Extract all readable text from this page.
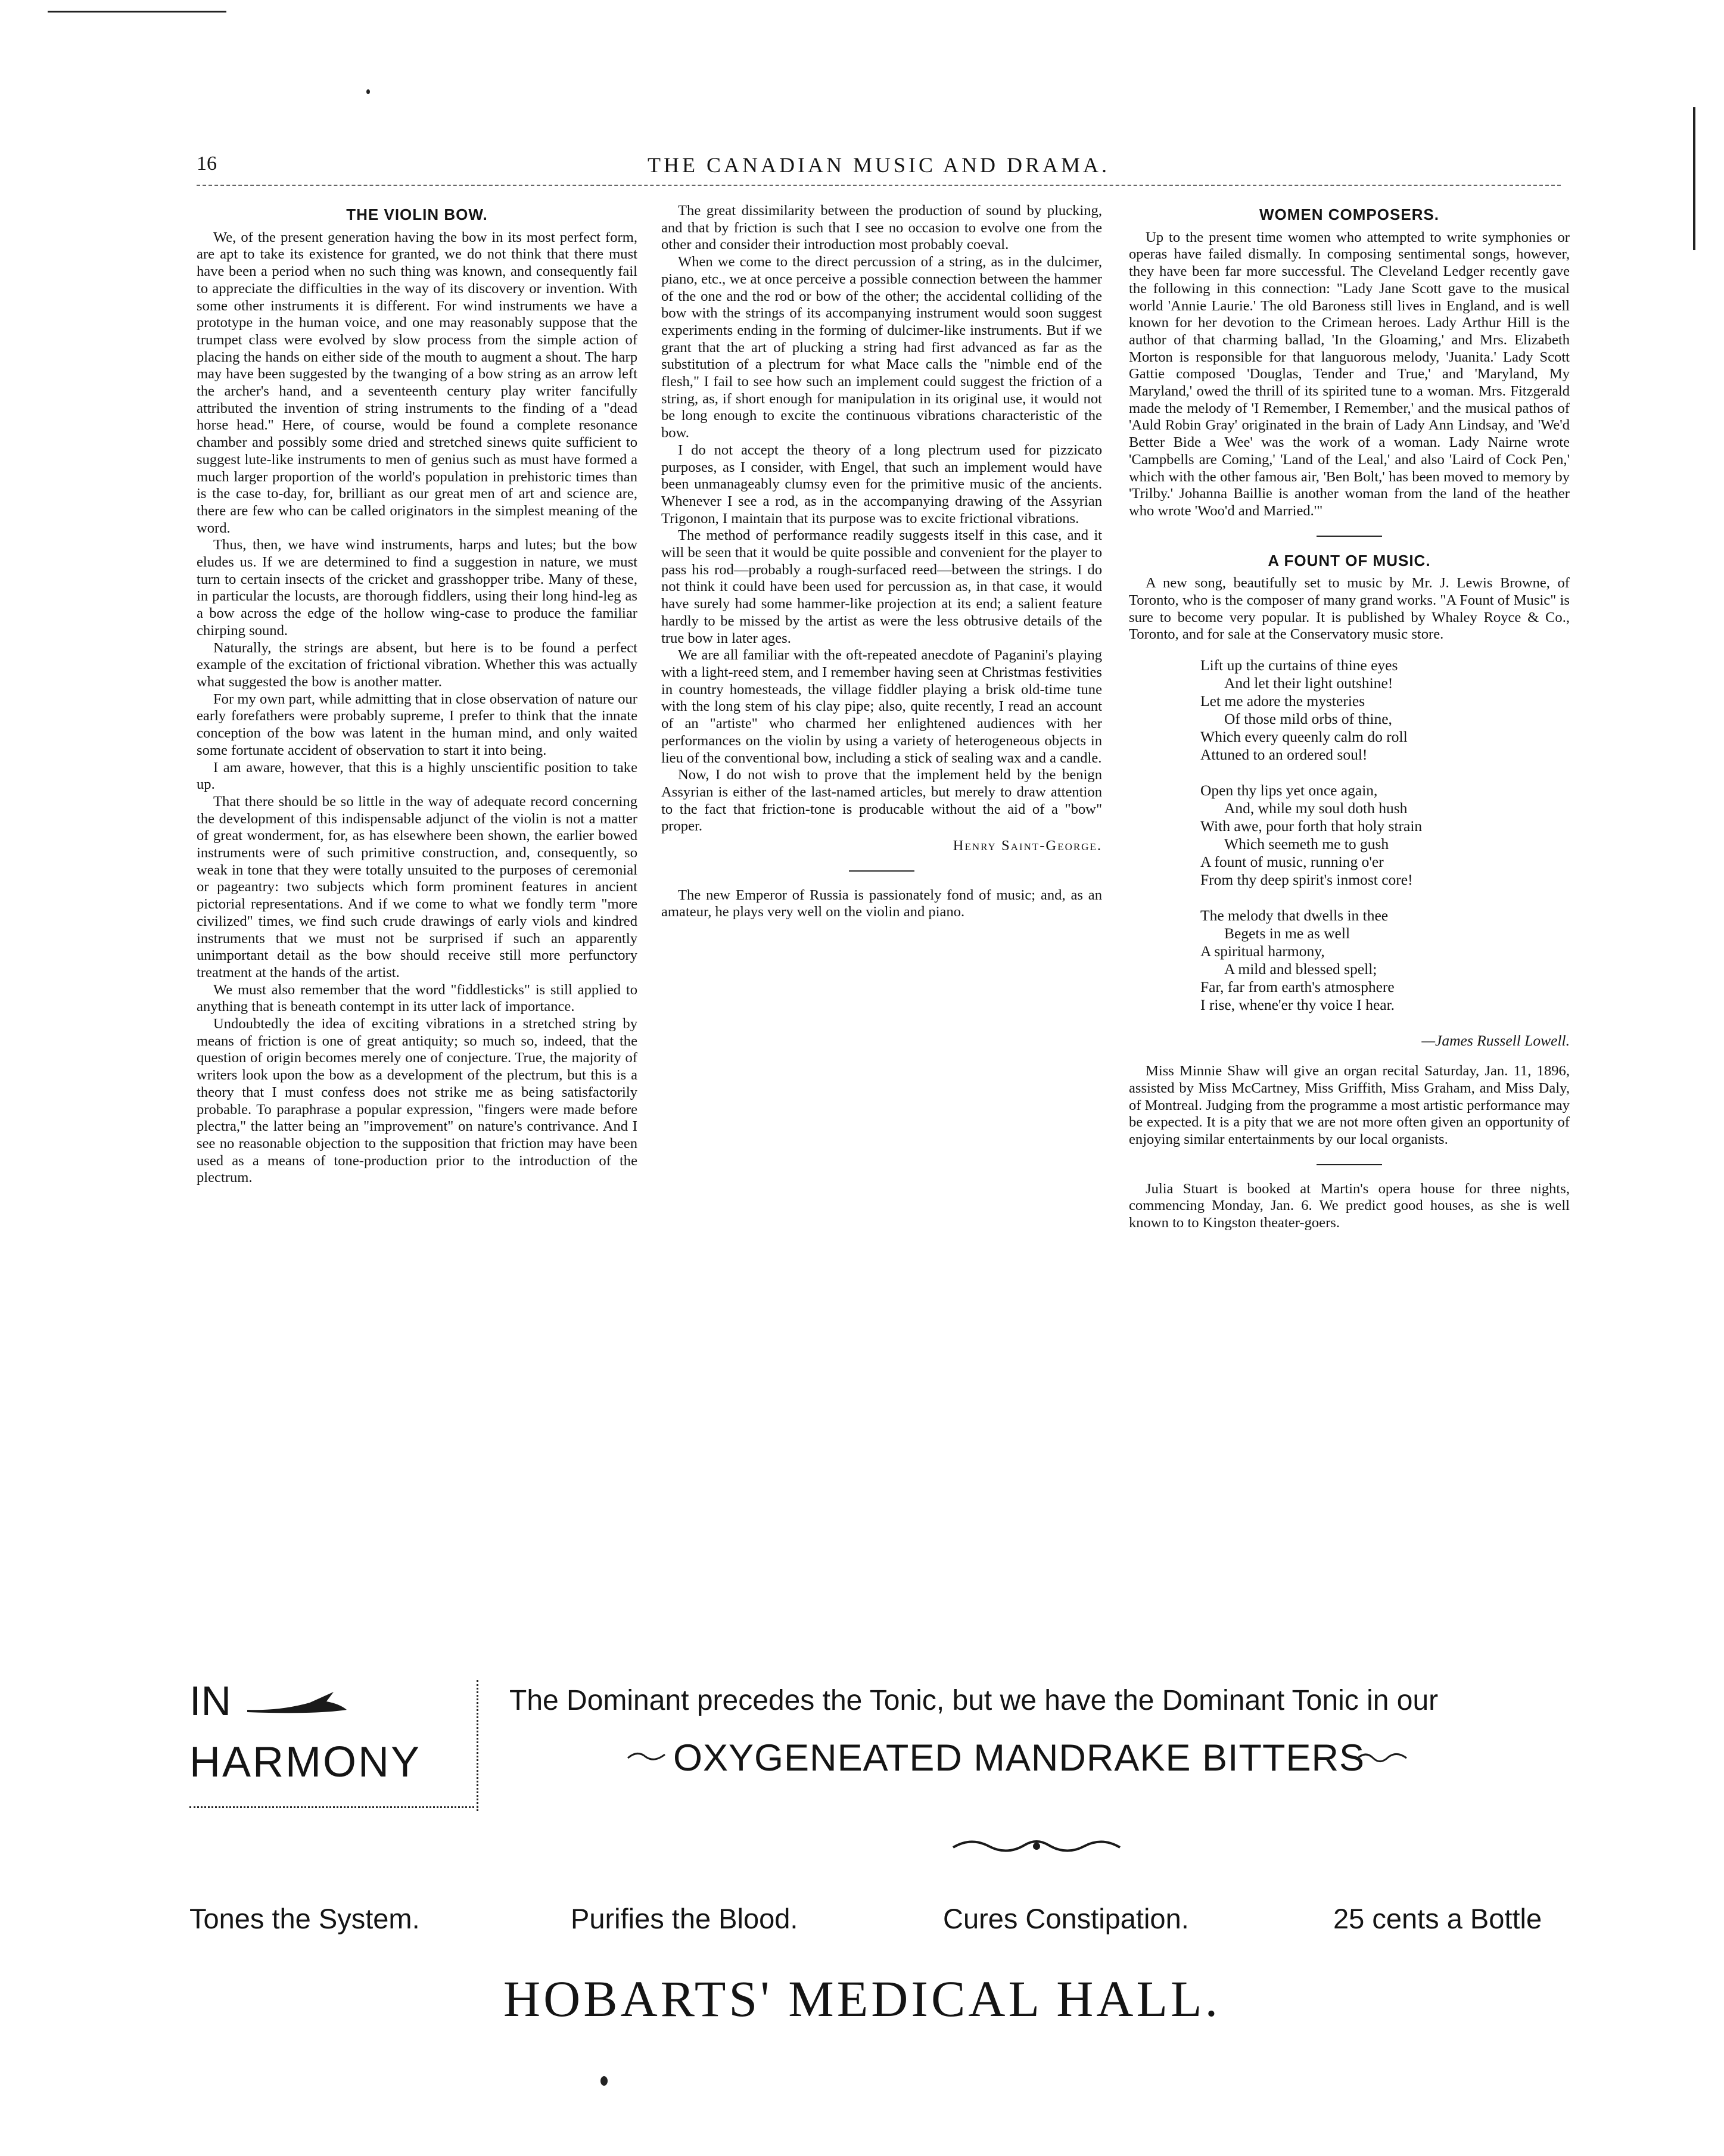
16	THE CANADIAN MUSIC AND DRAMA.
THE VIOLIN BOW.

We, of the present generation having the bow in its most perfect form, are apt to take its existence for granted, we do not think that there must have been a period when no such thing was known, and consequently fail to appreciate the difficulties in the way of its discovery or invention. With some other instruments it is different. For wind instruments we have a prototype in the human voice, and one may reasonably suppose that the trumpet class were evolved by slow process from the simple action of placing the hands on either side of the mouth to augment a shout. The harp may have been suggested by the twanging of a bow string as an arrow left the archer's hand, and a seventeenth century play writer fancifully attributed the invention of string instruments to the finding of a "dead horse head." Here, of course, would be found a complete resonance chamber and possibly some dried and stretched sinews quite sufficient to suggest lute-like instruments to men of genius such as must have formed a much larger proportion of the world's population in prehistoric times than is the case to-day, for, brilliant as our great men of art and science are, there are few who can be called originators in the simplest meaning of the word.

Thus, then, we have wind instruments, harps and lutes; but the bow eludes us. If we are determined to find a suggestion in nature, we must turn to certain insects of the cricket and grasshopper tribe. Many of these, in particular the locusts, are thorough fiddlers, using their long hind-leg as a bow across the edge of the hollow wing-case to produce the familiar chirping sound.

Naturally, the strings are absent, but here is to be found a perfect example of the excitation of frictional vibration. Whether this was actually what suggested the bow is another matter.

For my own part, while admitting that in close observation of nature our early forefathers were probably supreme, I prefer to think that the innate conception of the bow was latent in the human mind, and only waited some fortunate accident of observation to start it into being.

I am aware, however, that this is a highly unscientific position to take up.

That there should be so little in the way of adequate record concerning the development of this indispensable adjunct of the violin is not a matter of great wonderment, for, as has elsewhere been shown, the earlier bowed instruments were of such primitive construction, and, consequently, so weak in tone that they were totally unsuited to the purposes of ceremonial or pageantry: two subjects which form prominent features in ancient pictorial representations. And if we come to what we fondly term "more civilized" times, we find such crude drawings of early viols and kindred instruments that we must not be surprised if such an apparently unimportant detail as the bow should receive still more perfunctory treatment at the hands of the artist.

We must also remember that the word "fiddlesticks" is still applied to anything that is beneath contempt in its utter lack of importance.

Undoubtedly the idea of exciting vibrations in a stretched string by means of friction is one of great antiquity; so much so, indeed, that the question of origin becomes merely one of conjecture. True, the majority of writers look upon the bow as a development of the plectrum, but this is a theory that I must confess does not strike me as being satisfactorily probable. To paraphrase a popular expression, "fingers were made before plectra," the latter being an "improvement" on nature's contrivance. And I see no reasonable objection to the supposition that friction may have been used as a means of tone-production prior to the introduction of the plectrum.

The great dissimilarity between the production of sound by plucking, and that by friction is such that I see no occasion to evolve one from the other and consider their introduction most probably coeval.

When we come to the direct percussion of a string, as in the dulcimer, piano, etc., we at once perceive a possible connection between the hammer of the one and the rod or bow of the other; the accidental colliding of the bow with the strings of its accompanying instrument would soon suggest experiments ending in the forming of dulcimer-like instruments. But if we grant that the art of plucking a string had first advanced as far as the substitution of a plectrum for what Mace calls the "nimble end of the flesh," I fail to see how such an implement could suggest the friction of a string, as, if short enough for manipulation in its original use, it would not be long enough to excite the continuous vibrations characteristic of the bow.

I do not accept the theory of a long plectrum used for pizzicato purposes, as I consider, with Engel, that such an implement would have been unmanageably clumsy even for the primitive music of the ancients. Whenever I see a rod, as in the accompanying drawing of the Assyrian Trigonon, I maintain that its purpose was to excite frictional vibrations.

The method of performance readily suggests itself in this case, and it will be seen that it would be quite possible and convenient for the player to pass his rod—probably a rough-surfaced reed—between the strings. I do not think it could have been used for percussion as, in that case, it would have surely had some hammer-like projection at its end; a salient feature hardly to be missed by the artist as were the less obtrusive details of the true bow in later ages.

We are all familiar with the oft-repeated anecdote of Paganini's playing with a light-reed stem, and I remember having seen at Christmas festivities in country homesteads, the village fiddler playing a brisk old-time tune with the long stem of his clay pipe; also, quite recently, I read an account of an "artiste" who charmed her enlightened audiences with her performances on the violin by using a variety of heterogeneous objects in lieu of the conventional bow, including a stick of sealing wax and a candle.

Now, I do not wish to prove that the implement held by the benign Assyrian is either of the last-named articles, but merely to draw attention to the fact that friction-tone is producable without the aid of a "bow" proper.

Henry Saint-George.

The new Emperor of Russia is passionately fond of music; and, as an amateur, he plays very well on the violin and piano.

WOMEN COMPOSERS.

Up to the present time women who attempted to write symphonies or operas have failed dismally. In composing sentimental songs, however, they have been far more successful. The Cleveland Ledger recently gave the following in this connection: "Lady Jane Scott gave to the musical world 'Annie Laurie.' The old Baroness still lives in England, and is well known for her devotion to the Crimean heroes. Lady Arthur Hill is the author of that charming ballad, 'In the Gloaming,' and Mrs. Elizabeth Morton is responsible for that languorous melody, 'Juanita.' Lady Scott Gattie composed 'Douglas, Tender and True,' and 'Maryland, My Maryland,' owed the thrill of its spirited tune to a woman. Mrs. Fitzgerald made the melody of 'I Remember, I Remember,' and the musical pathos of 'Auld Robin Gray' originated in the brain of Lady Ann Lindsay, and 'We'd Better Bide a Wee' was the work of a woman. Lady Nairne wrote 'Campbells are Coming,' 'Land of the Leal,' and also 'Laird of Cock Pen,' which with the other famous air, 'Ben Bolt,' has been moved to memory by 'Trilby.' Johanna Baillie is another woman from the land of the heather who wrote 'Woo'd and Married.'"

A FOUNT OF MUSIC.

A new song, beautifully set to music by Mr. J. Lewis Browne, of Toronto, who is the composer of many grand works. "A Fount of Music" is sure to become very popular. It is published by Whaley Royce & Co., Toronto, and for sale at the Conservatory music store.

Lift up the curtains of thine eyes
And let their light outshine!
Let me adore the mysteries
Of those mild orbs of thine,
Which every queenly calm do roll
Attuned to an ordered soul!
Open thy lips yet once again,
And, while my soul doth hush
With awe, pour forth that holy strain
Which seemeth me to gush
A fount of music, running o'er
From thy deep spirit's inmost core!
The melody that dwells in thee
Begets in me as well
A spiritual harmony,
A mild and blessed spell;
Far, far from earth's atmosphere
I rise, whene'er thy voice I hear.
—James Russell Lowell.

Miss Minnie Shaw will give an organ recital Saturday, Jan. 11, 1896, assisted by Miss McCartney, Miss Griffith, Miss Graham, and Miss Daly, of Montreal. Judging from the programme a most artistic performance may be expected. It is a pity that we are not more often given an opportunity of enjoying similar entertainments by our local organists.

Julia Stuart is booked at Martin's opera house for three nights, commencing Monday, Jan. 6. We predict good houses, as she is well known to to Kingston theater-goers.

IN
HARMONY
The Dominant precedes the Tonic, but we have the Dominant Tonic in our
OXYGENEATED MANDRAKE BITTERS
Tones the System.	Purifies the Blood.	Cures Constipation.	25 cents a Bottle
HOBARTS' MEDICAL HALL.
